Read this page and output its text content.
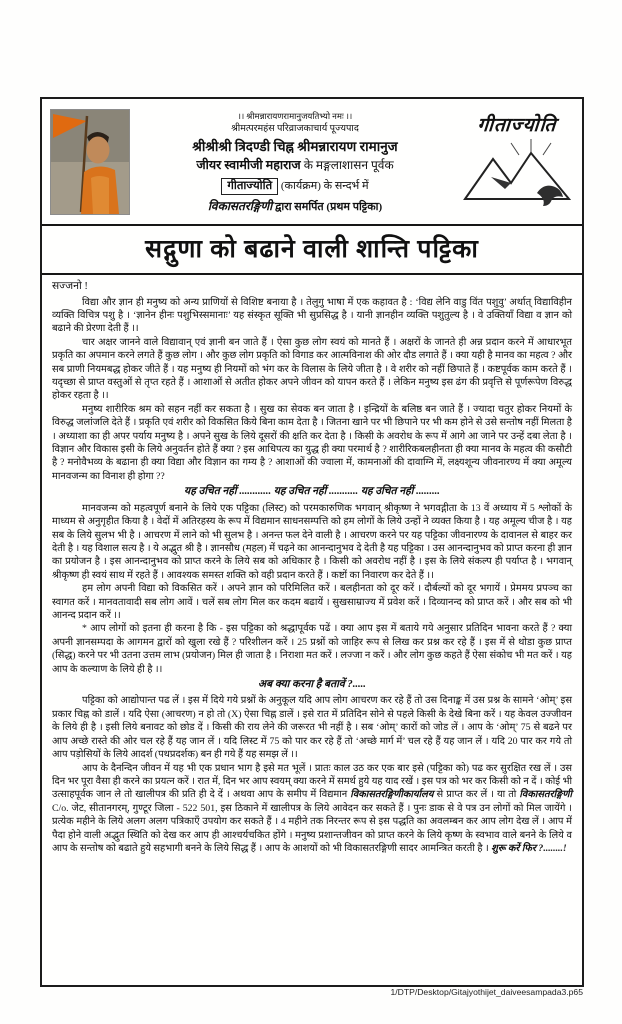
।। श्रीमन्नारायणरामानुजयतिभ्यो नमः ।।
श्रीमत्परमहंस परिव्राजकाचार्य पूज्यपाद
श्रीश्रीश्री त्रिदण्डी चिह्न श्रीमन्नारायण रामानुज
जीयर स्वामीजी महाराज के मङ्गलाशासन पूर्वक
गीताज्योति (कार्यक्रम) के सन्दर्भ में
विकासतरङ्गिणी द्वारा समर्पित (प्रथम पट्टिका)
गीताज्योति
सद्गुणा को बढाने वाली शान्ति पट्टिका

सज्जनो !

विद्या और ज्ञान ही मनुष्य को अन्य प्राणियों से विशिष्ट बनाया है । तेलुगु भाषा में एक कहावत है : ‘विद्य लेनि वाडु विंत पशुवु’ अर्थात् विद्याविहीन व्यक्ति विचित्र पशु है । ‘ज्ञानेन हीनः पशुभिस्समानाः’ यह संस्कृत सूक्ति भी सुप्रसिद्ध है । यानी ज्ञानहीन व्यक्ति पशुतुल्य है । वे उक्तियाँ विद्या व ज्ञान को बढाने की प्रेरणा देती हैं ।।

चार अक्षर जानने वाले विद्यावान् एवं ज्ञानी बन जाते हैं । ऐसा कुछ लोग स्वयं को मानते हैं । अक्षरों के जानते ही अन्न प्रदान करने में आधारभूत प्रकृति का अपमान करने लगते हैं कुछ लोग । और कुछ लोग प्रकृति को विगाड कर आत्मविनाश की ओर दौड लगाते हैं । क्या यही है मानव का महत्व ? और सब प्राणी नियमबद्ध होकर जीते हैं । यह मनुष्य ही नियमों को भंग कर के विलास के लिये जीता है । वे शरीर को नहीं छिपाते हैं । कष्टपूर्वक काम करते हैं । यदृच्छा से प्राप्त वस्तुओं से तृप्त रहते हैं । आशाओं से अतीत होकर अपने जीवन को यापन करते हैं । लेकिन मनुष्य इस ढंग की प्रवृत्ति से पूर्णरूपेण विरुद्ध होकर रहता है ।।

मनुष्य शारीरिक श्रम को सहन नहीं कर सकता है । सुख का सेवक बन जाता है । इन्द्रियों के बलिष्ठ बन जाते हैं । ज्यादा चतुर होकर नियमों के विरुद्ध जलांजलि देते हैं । प्रकृति एवं शरीर को विकसित किये बिना काम देता है । जितना खाने पर भी छिपाने पर भी कम होने से उसे सन्तोष नहीं मिलता है । अध्याशा का ही अपर पर्याय मनुष्य है । अपने सुख के लिये दूसरों की क्षति कर देता है । किसी के अवरोध के रूप में आगे आ जाने पर उन्हें दबा लेता है । विज्ञान और विकास इसी के लिये अनुवर्तन होते हैं क्या ? इस आधिपत्य का युद्ध ही क्या परमार्थ है ? शारीरिकबलहीनता ही क्या मानव के महत्व की कसौटी है ? मनोवैभव्य के बढाना ही क्या विद्या और विज्ञान का गम्य है ? आशाओं की ज्वाला में, कामनाओं की दावाग्नि में, लक्ष्यशून्य जीवनारण्य में क्या अमूल्य मानवजन्म का विनाश ही होगा ??

यह उचित नहीं ............ यह उचित नहीं ........... यह उचित नहीं .........

मानवजन्म को महत्वपूर्ण बनाने के लिये एक पट्टिका (लिस्ट) को परमकारुणिक भगवान् श्रीकृष्ण ने भगवद्गीता के 13 वें अध्याय में 5 श्लोकों के माध्यम से अनुगृहीत किया है । वेदों में अतिरहस्य के रूप में विद्यमान साधनसम्पत्ति को हम लोगों के लिये उन्हों ने व्यक्त किया है । यह अमूल्य चीज है । यह सब के लिये सुलभ भी है । आचरण में लाने को भी सुलभ है । अनन्त फल देने वाली है । आचरण करने पर यह पट्टिका जीवनारण्य के दावानल से बाहर कर देती है । यह विशाल सत्य है । ये अद्भुत श्री है । ज्ञानसौध (महल) में चढ़ने का आनन्दानुभव दे देती है यह पट्टिका । उस आनन्दानुभव को प्राप्त करना ही ज्ञान का प्रयोजन है । इस आनन्दानुभव को प्राप्त करने के लिये सब को अधिकार है । किसी को अवरोध नहीं है । इस के लिये संकल्प ही पर्याप्त है । भगवान् श्रीकृष्ण ही स्वयं साथ में रहते हैं । आवश्यक समस्त शक्ति को वही प्रदान करते हैं । कष्टों का निवारण कर देते हैं ।।

हम लोग अपनी विद्या को विकसित करें । अपने ज्ञान को परिमिलित करें । बलहीनता को दूर करें । दौर्बल्यों को दूर भगायें । प्रेममय प्रपञ्च का स्वागत करें । मानवतावादी सब लोग आवें । चलें सब लोग मिल कर कदम बढायें । सुखसाम्राज्य में प्रवेश करें । दिव्यानन्द को प्राप्त करें । और सब को भी आनन्द प्रदान करें ।।

* आप लोगों को इतना ही करना है कि - इस पट्टिका को श्रद्धापूर्वक पढें । क्या आप इस में बताये गये अनुसार प्रतिदिन भावना करते हैं ? क्या अपनी ज्ञानसम्पदा के आगमन द्वारों को खुला रखे हैं ? परिशीलन करें । 25 प्रश्नों को जाहिर रूप से लिख कर प्रश्न कर रहे हैं । इस में से थोडा कुछ प्राप्त (सिद्ध) करने पर भी उतना उत्तम लाभ (प्रयोजन) मिल ही जाता है । निराशा मत करें । लज्जा न करें । और लोग कुछ कहते हैं ऐसा संकोच भी मत करें । यह आप के कल्याण के लिये ही है ।।

अब क्या करना है बतावें ?.....

पट्टिका को आद्योपान्त पढ लें । इस में दिये गये प्रश्नों के अनुकूल यदि आप लोग आचरण कर रहे हैं तो उस दिनाङ्क में उस प्रश्न के सामने ‘ओम्’ इस प्रकार चिह्न को डालें । यदि ऐसा (आचरण) न हो तो (X) ऐसा चिह्न डालें । इसे रात में प्रतिदिन सोने से पहले किसी के देखे बिना करें । यह केवल उज्जीवन के लिये ही है । इसी लिये बनावट को छोड दें । किसी की राय लेने की जरूरत भी नहीं है । सब ‘ओम्’ कारों को जोड लें । आप के ‘ओम्’ 75 से बढने पर आप अच्छे रास्ते की ओर चल रहे हैं यह जान लें । यदि लिस्ट में 75 को पार कर रहे हैं तो ‘अच्छे मार्ग में’ चल रहे हैं यह जान लें । यदि 20 पार कर गये तो आप पड़ोसियों के लिये आदर्श (पथप्रदर्शक) बन ही गये हैं यह समझ लें ।।

आप के दैनन्दिन जीवन में यह भी एक प्रधान भाग है इसे मत भूलें । प्रातः काल उठ कर एक बार इसे (पट्टिका को) पढ कर सुरक्षित रख लें । उस दिन भर पूरा वैसा ही करने का प्रयत्न करें । रात में, दिन भर आप स्वयम् क्या करने में समर्थ हुये यह याद रखें । इस पत्र को भर कर किसी को न दें । कोई भी उत्साहपूर्वक जान ले तो खालीपत्र की प्रति ही दे दें । अथवा आप के समीप में विद्यमान विकासतरङ्गिणीकार्यालय से प्राप्त कर लें । या तो विकासतरङ्गिणी C/o. जेट, सीतानगरम्, गुण्टूर जिला - 522 501, इस ठिकाने में खालीपत्र के लिये आवेदन कर सकते हैं । पुनः डाक से वे पत्र उन लोगों को मिल जायेंगे । प्रत्येक महीने के लिये अलग अलग पत्रिकाएँ उपयोग कर सकते हैं । 4 महीने तक निरन्तर रूप से इस पद्धति का अवलम्बन कर आप लोग देख लें । आप में पैदा होने वाली अद्भुत स्थिति को देख कर आप ही आश्चर्यचकित होंगे । मनुष्य प्रशान्तजीवन को प्राप्त करने के लिये कृष्ण के स्वभाव वाले बनने के लिये व आप के सन्तोष को बढाते हुये सहभागी बनने के लिये सिद्ध हैं । आप के आशयों को भी विकासतरङ्गिणी सादर आमन्त्रित करती है । शुरू करें फिर ?........!

1/DTP/Desktop/Gitajyothijet_daiveesampada3.p65
